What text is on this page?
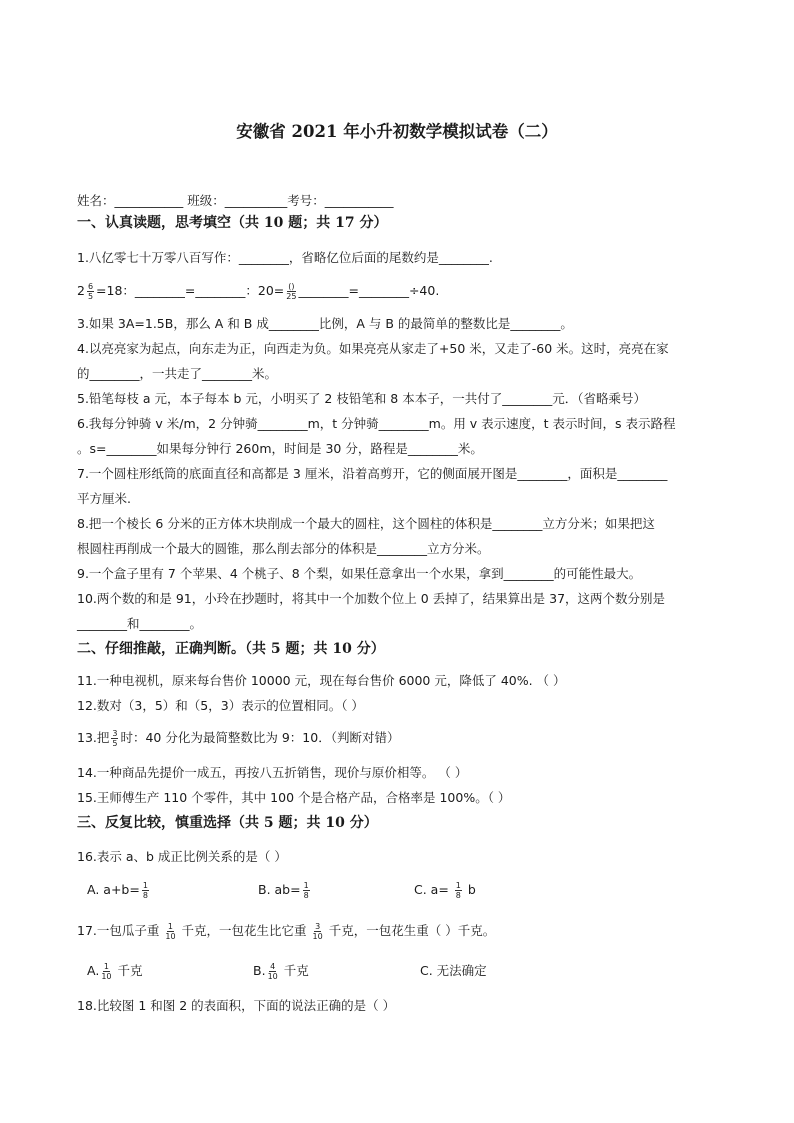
安徽省 2021 年小升初数学模拟试卷（二）
姓名：___________ 班级：__________考号：___________
一、认真读题，思考填空（共 10 题；共 17 分）
1.八亿零七十万零八百写作：________，省略亿位后面的尾数约是________.
$2 \frac{6}{5} =18$：________=________：$20= \frac{()}{25}$ ________=________÷40.
3.如果 3A=1.5B，那么 A 和 B 成________比例，A 与 B 的最简单的整数比是________。
4.以亮亮家为起点，向东走为正，向西走为负。如果亮亮从家走了+50 米，又走了-60 米。这时，亮亮在家
的________，一共走了________米。
5.铅笔每枝 a 元，本子每本 b 元，小明买了 2 枝铅笔和 8 本本子，一共付了________元．（省略乘号）
6.我每分钟骑 v 米/m，2 分钟骑________m，t 分钟骑________m。用 v 表示速度，t 表示时间，s 表示路程
。s=________如果每分钟行 260m，时间是 30 分，路程是________米。
7.一个圆柱形纸筒的底面直径和高都是 3 厘米，沿着高剪开，它的侧面展开图是________，面积是________
平方厘米.
8.把一个棱长 6 分米的正方体木块削成一个最大的圆柱，这个圆柱的体积是________立方分米；如果把这
根圆柱再削成一个最大的圆锥，那么削去部分的体积是________立方分米。
9.一个盒子里有 7 个苹果、4 个桃子、8 个梨，如果任意拿出一个水果，拿到________的可能性最大。
10.两个数的和是 91，小玲在抄题时，将其中一个加数个位上 0 丢掉了，结果算出是 37，这两个数分别是
________和________。
二、仔细推敲，正确判断。（共 5 题；共 10 分）
11.一种电视机，原来每台售价 10000 元，现在每台售价 6000 元，降低了 40%. （ ）
12.数对（3，5）和（5，3）表示的位置相同。（ ）
13.把 $\frac{3}{5}$ 时：40 分化为最简整数比为 9：10．（判断对错）
14.一种商品先提价一成五，再按八五折销售，现价与原价相等。 （ ）
15.王师傅生产 110 个零件，其中 100 个是合格产品，合格率是 100%。（ ）
三、反复比较，慎重选择（共 5 题；共 10 分）
16.表示 a、b 成正比例关系的是（ ）
A. $a+b= \frac{1}{8}$	B. $ab= \frac{1}{8}$	C. $a= \frac{1}{8}$ b
17.一包瓜子重 $\frac{1}{10}$ 千克，一包花生比它重 $\frac{3}{10}$ 千克，一包花生重（ ）千克。
A. $\frac{1}{10}$ 千克	B. $\frac{4}{10}$ 千克	C. 无法确定
18.比较图 1 和图 2 的表面积，下面的说法正确的是（ ）
